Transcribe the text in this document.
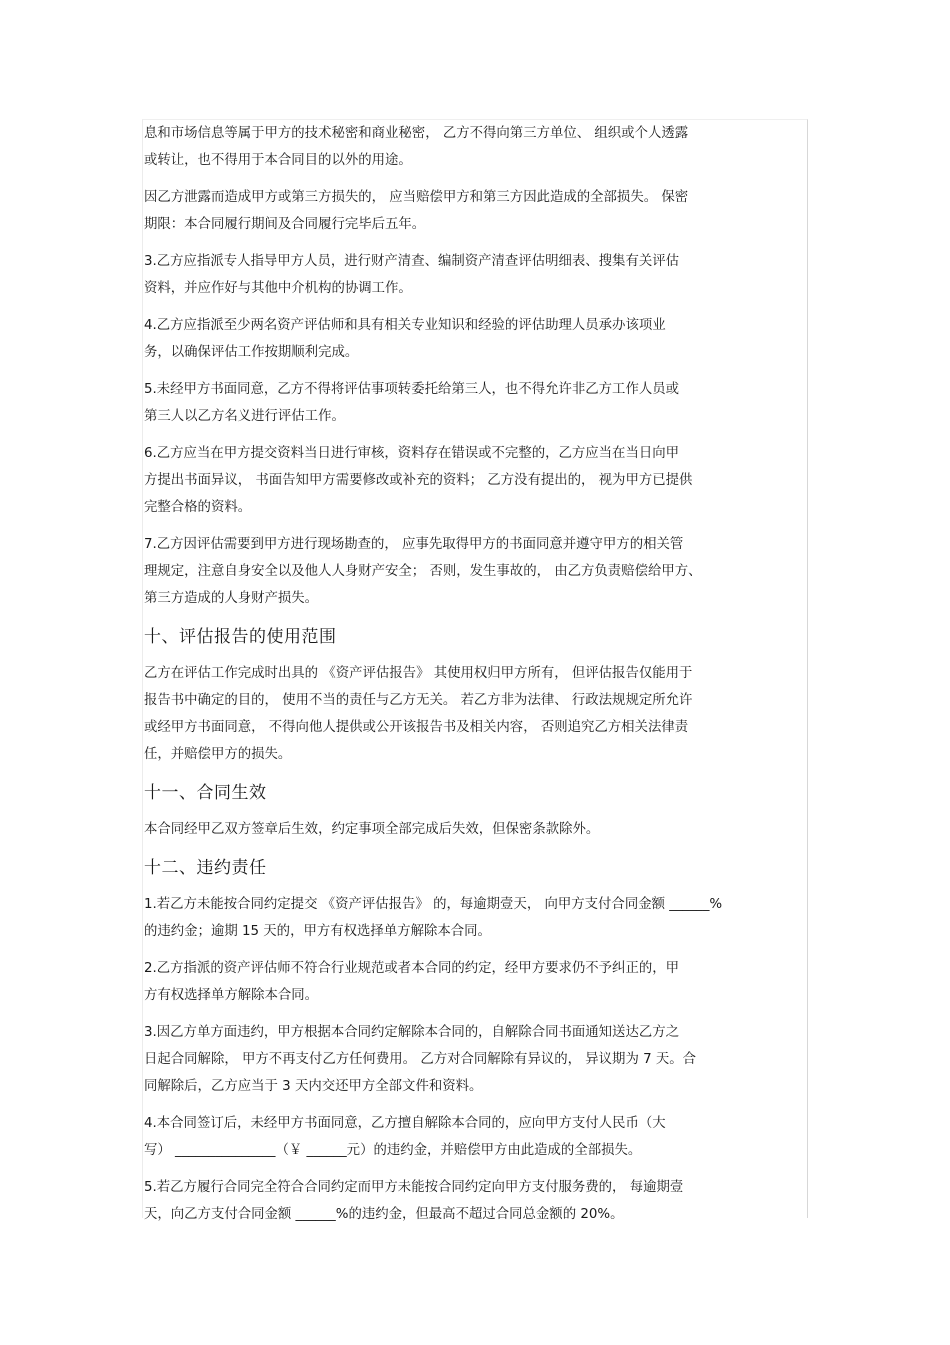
息和市场信息等属于甲方的技术秘密和商业秘密， 乙方不得向第三方单位、 组织或个人透露
或转让，也不得用于本合同目的以外的用途。
因乙方泄露而造成甲方或第三方损失的， 应当赔偿甲方和第三方因此造成的全部损失。 保密
期限：本合同履行期间及合同履行完毕后五年。
3.乙方应指派专人指导甲方人员，进行财产清查、编制资产清查评估明细表、搜集有关评估
资料，并应作好与其他中介机构的协调工作。
4.乙方应指派至少两名资产评估师和具有相关专业知识和经验的评估助理人员承办该项业
务，以确保评估工作按期顺利完成。
5.未经甲方书面同意，乙方不得将评估事项转委托给第三人，也不得允许非乙方工作人员或
第三人以乙方名义进行评估工作。
6.乙方应当在甲方提交资料当日进行审核，资料存在错误或不完整的，乙方应当在当日向甲
方提出书面异议， 书面告知甲方需要修改或补充的资料； 乙方没有提出的， 视为甲方已提供
完整合格的资料。
7.乙方因评估需要到甲方进行现场勘查的， 应事先取得甲方的书面同意并遵守甲方的相关管
理规定，注意自身安全以及他人人身财产安全； 否则，发生事故的， 由乙方负责赔偿给甲方、
第三方造成的人身财产损失。
十、评估报告的使用范围
乙方在评估工作完成时出具的 《资产评估报告》 其使用权归甲方所有， 但评估报告仅能用于
报告书中确定的目的， 使用不当的责任与乙方无关。 若乙方非为法律、 行政法规规定所允许
或经甲方书面同意， 不得向他人提供或公开该报告书及相关内容， 否则追究乙方相关法律责
任，并赔偿甲方的损失。
十一、合同生效
本合同经甲乙双方签章后生效，约定事项全部完成后失效，但保密条款除外。
十二、违约责任
1.若乙方未能按合同约定提交 《资产评估报告》 的，每逾期壹天， 向甲方支付合同金额 ______%
的违约金；逾期 15 天的，甲方有权选择单方解除本合同。
2.乙方指派的资产评估师不符合行业规范或者本合同的约定，经甲方要求仍不予纠正的，甲
方有权选择单方解除本合同。
3.因乙方单方面违约，甲方根据本合同约定解除本合同的，自解除合同书面通知送达乙方之
日起合同解除， 甲方不再支付乙方任何费用。 乙方对合同解除有异议的， 异议期为 7 天。合
同解除后，乙方应当于 3 天内交还甲方全部文件和资料。
4.本合同签订后，未经甲方书面同意，乙方擅自解除本合同的，应向甲方支付人民币（大
写） _______________（￥ ______元）的违约金，并赔偿甲方由此造成的全部损失。
5.若乙方履行合同完全符合合同约定而甲方未能按合同约定向甲方支付服务费的， 每逾期壹
天，向乙方支付合同金额 ______%的违约金，但最高不超过合同总金额的 20%。
